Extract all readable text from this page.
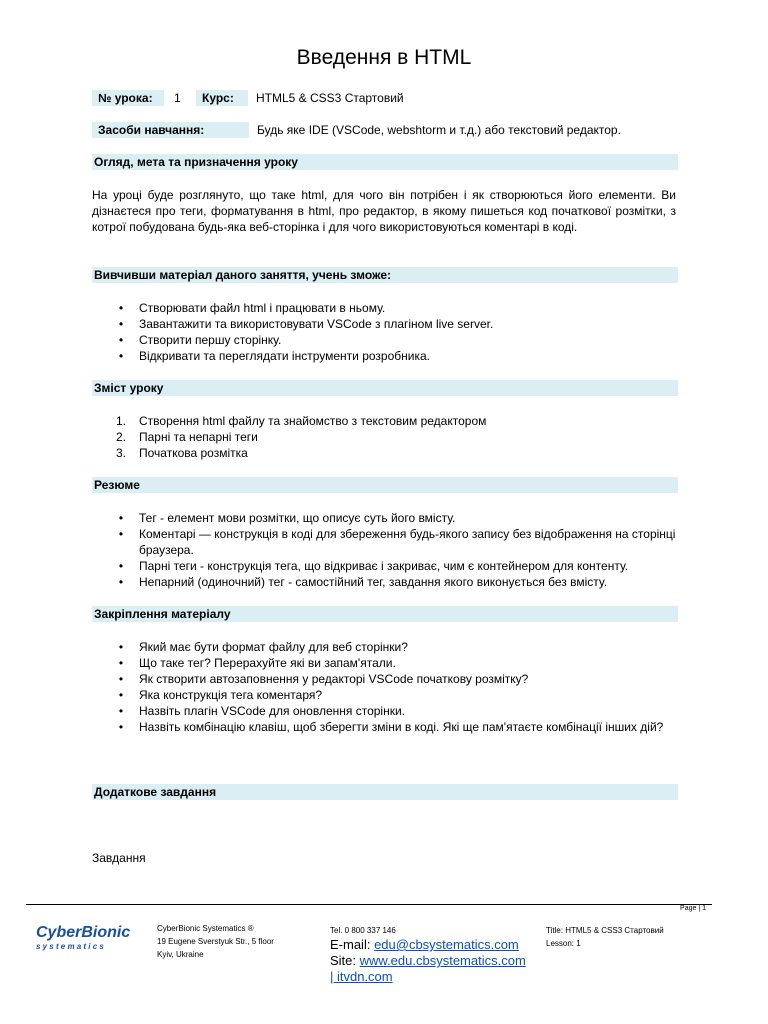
Введення в HTML
№ урока:	1	Курс:	HTML5 & CSS3 Стартовий
Засоби навчання:	Будь яке IDE (VSCode, webshtorm и т.д.) або текстовий редактор.
Огляд, мета та призначення уроку
На уроці буде розглянуто, що таке html, для чого він потрібен і як створюються його елементи. Ви дізнаєтеся про теги, форматування в html, про редактор, в якому пишеться код початкової розмітки, з котрої побудована будь-яка веб-сторінка і для чого використовуються коментарі в коді.
Вивчивши матеріал даного заняття, учень зможе:
• Створювати файл html і працювати в ньому.
• Завантажити та використовувати VSCode з плагіном live server.
• Створити першу сторінку.
• Відкривати та переглядати інструменти розробника.
Зміст уроку
1. Створення html файлу та знайомство з текстовим редактором
2. Парні та непарні теги
3. Початкова розмітка
Резюме
• Тег - елемент мови розмітки, що описує суть його вмісту.
• Коментарі — конструкція в коді для збереження будь-якого запису без відображення на сторінці браузера.
• Парні теги - конструкція тега, що відкриває і закриває, чим є контейнером для контенту.
• Непарний (одиночний) тег - самостійний тег, завдання якого виконується без вмісту.
Закріплення матеріалу
• Який має бути формат файлу для веб сторінки?
• Що таке тег? Перерахуйте які ви запам'ятали.
• Як створити автозаповнення у редакторі VSCode початкову розмітку?
• Яка конструкція тега коментаря?
• Назвіть плагін VSCode для оновлення сторінки.
• Назвіть комбінацію клавіш, щоб зберегти зміни в коді. Які ще пам'ятаєте комбінації інших дій?
Додаткове завдання
Завдання
Page | 1
CyberBionic
systematics
CyberBionic Systematics ®
19 Eugene Sverstyuk Str., 5 floor
Kyiv, Ukraine
Tel. 0 800 337 146
E-mail: edu@cbsystematics.com
Site: www.edu.cbsystematics.com
| itvdn.com
Title: HTML5 & CSS3 Стартовий
Lesson: 1
